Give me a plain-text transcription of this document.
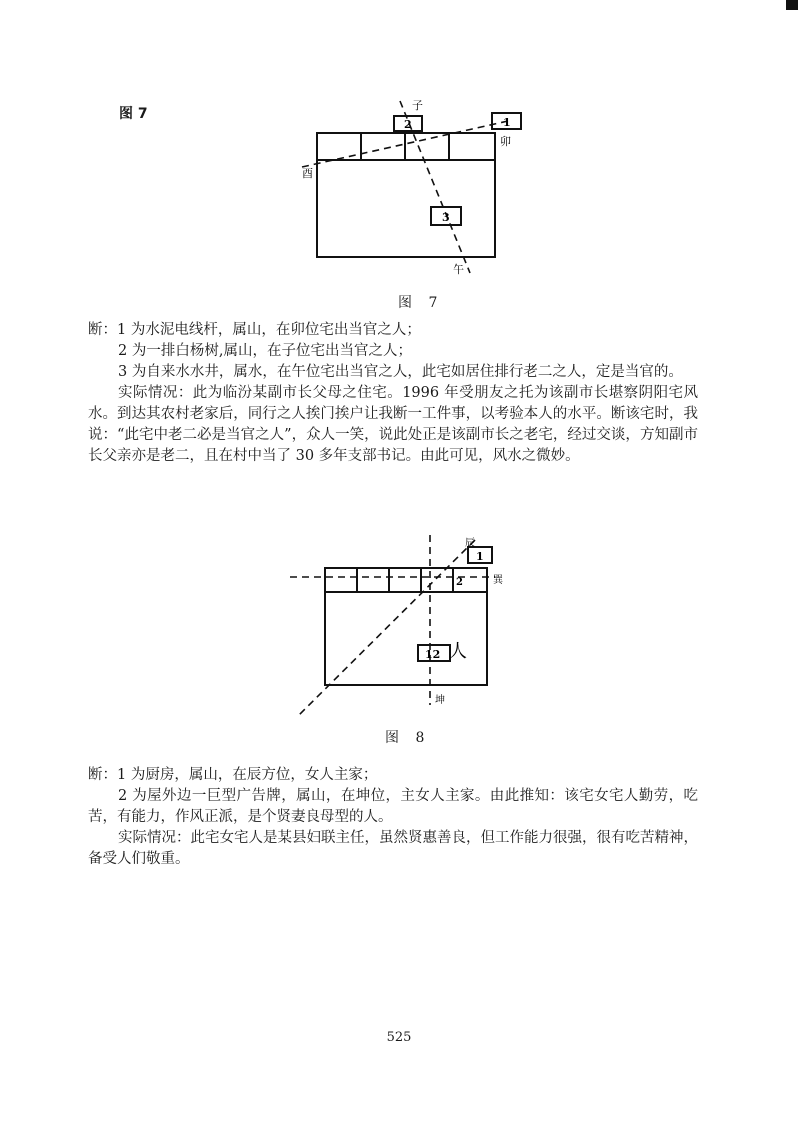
图 7
子
卯
酉
午
2	1
3
图 7
断：1 为水泥电线杆，属山，在卯位宅出当官之人；
2 为一排白杨树,属山，在子位宅出当官之人；
3 为自来水水井，属水，在午位宅出当官之人，此宅如居住排行老二之人，定是当官的。
实际情况：此为临汾某副市长父母之住宅。1996 年受朋友之托为该副市长堪察阴阳宅风水。到达其农村老家后，同行之人挨门挨户让我断一工件事，以考验本人的水平。断该宅时，我说：“此宅中老二必是当官之人”，众人一笑，说此处正是该副市长之老宅，经过交谈，方知副市长父亲亦是老二，且在村中当了 30 多年支部书记。由此可见，风水之微妙。
辰
巽
坤
1
12
2
人
图 8
断：1 为厨房，属山，在辰方位，女人主家；
2 为屋外边一巨型广告牌，属山，在坤位，主女人主家。由此推知：该宅女宅人勤劳，吃苦，有能力，作风正派，是个贤妻良母型的人。
实际情况：此宅女宅人是某县妇联主任，虽然贤惠善良，但工作能力很强，很有吃苦精神，备受人们敬重。
525
